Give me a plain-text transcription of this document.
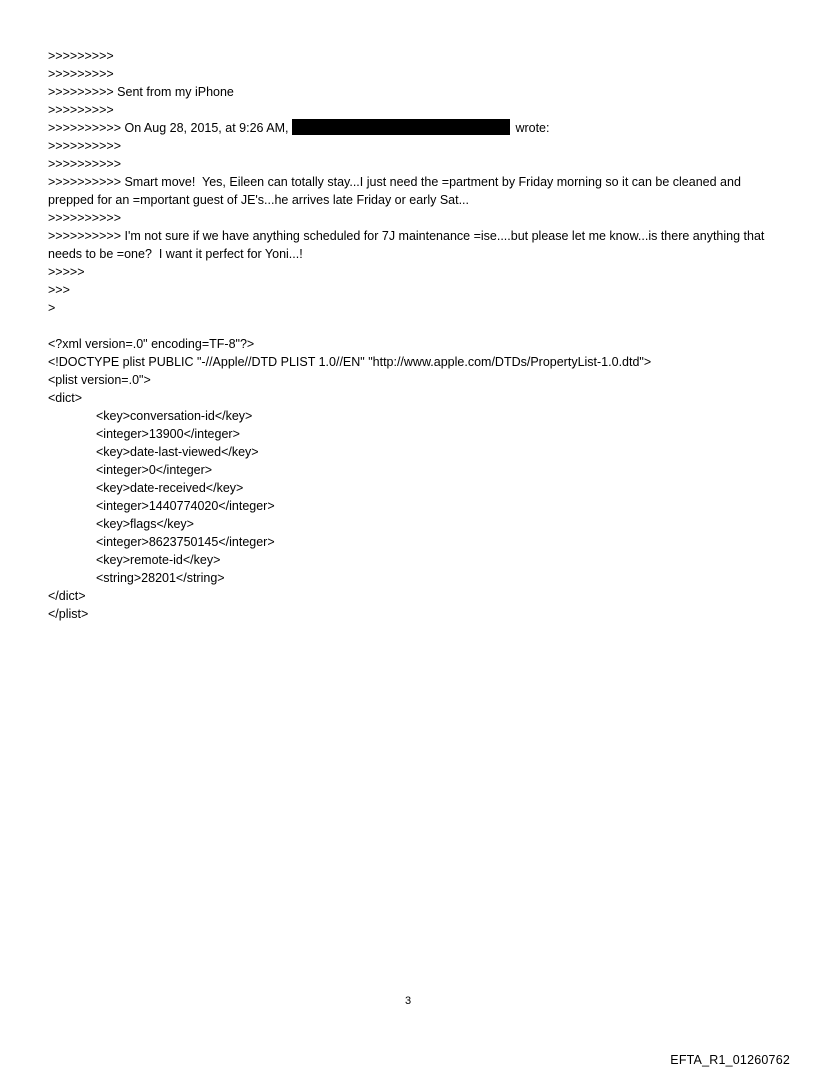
>>>>>>>>>
>>>>>>>>>
>>>>>>>>> Sent from my iPhone
>>>>>>>>>
>>>>>>>>>> On Aug 28, 2015, at 9:26 AM,	wrote:
>>>>>>>>>>
>>>>>>>>>>
>>>>>>>>>> Smart move!  Yes, Eileen can totally stay...I just need the =partment by Friday morning so it can be cleaned and prepped for an =mportant guest of JE's...he arrives late Friday or early Sat...
>>>>>>>>>>
>>>>>>>>>> I'm not sure if we have anything scheduled for 7J maintenance =ise....but please let me know...is there anything that needs to be =one?  I want it perfect for Yoni...!
>>>>>
>>>
>
<?xml version=.0" encoding=TF-8"?>
<!DOCTYPE plist PUBLIC "-//Apple//DTD PLIST 1.0//EN" "http://www.apple.com/DTDs/PropertyList-1.0.dtd">
<plist version=.0">
<dict>
<key>conversation-id</key>
<integer>13900</integer>
<key>date-last-viewed</key>
<integer>0</integer>
<key>date-received</key>
<integer>1440774020</integer>
<key>flags</key>
<integer>8623750145</integer>
<key>remote-id</key>
<string>28201</string>
</dict>
</plist>
3
EFTA_R1_01260762
